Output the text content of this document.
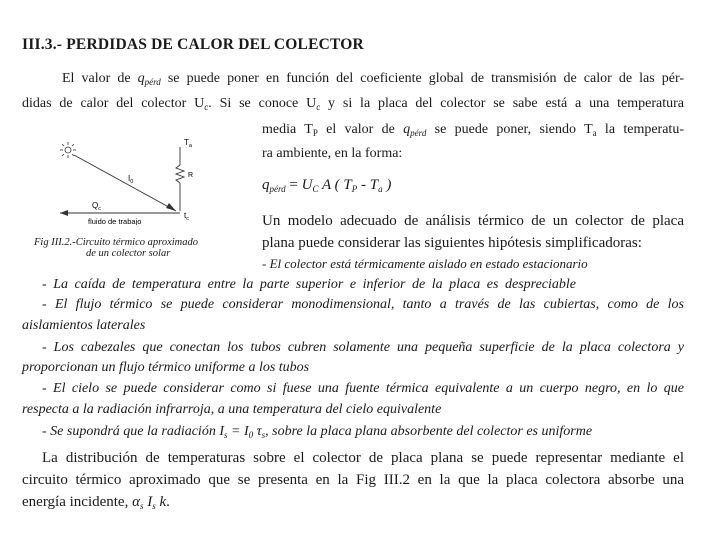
III.3.- PERDIDAS DE CALOR DEL COLECTOR
El valor de $q_{pérd}$ se puede poner en función del coeficiente global de transmisión de calor de las pér-
didas de calor del colector $U_c$. Si se conoce $U_c$ y si la placa del colector se sabe está a una temperatura
media $T_P$ el valor de $q_{pérd}$ se puede poner, siendo $T_a$ la temperatu-
ra ambiente, en la forma:
$q_{pérd} = U_C$ A ( $T_P - T_a$ )
Un modelo adecuado de análisis térmico de un colector de placa
plana puede considerar las siguientes hipótesis simplificadoras:
- El colector está térmicamente aislado en estado estacionario
$T_a$
R
$I_0$
$Q_c$
fluido de trabajo
$t_c$
Fig III.2.-Circuito térmico aproximado
de un colector solar
- La caída de temperatura entre la parte superior e inferior de la placa es despreciable
- El flujo térmico se puede considerar monodimensional, tanto a través de las cubiertas, como de los
aislamientos laterales
- Los cabezales que conectan los tubos cubren solamente una pequeña superficie de la placa colectora y
proporcionan un flujo térmico uniforme a los tubos
- El cielo se puede considerar como si fuese una fuente térmica equivalente a un cuerpo negro, en lo que
respecta a la radiación infrarroja, a una temperatura del cielo equivalente
- Se supondrá que la radiación $I_s = I_0$ $\tau_s$, sobre la placa plana absorbente del colector es uniforme
La distribución de temperaturas sobre el colector de placa plana se puede representar mediante el
circuito térmico aproximado que se presenta en la Fig III.2 en la que la placa colectora absorbe una
energía incidente, $\alpha_s$ $I_s$ k.
